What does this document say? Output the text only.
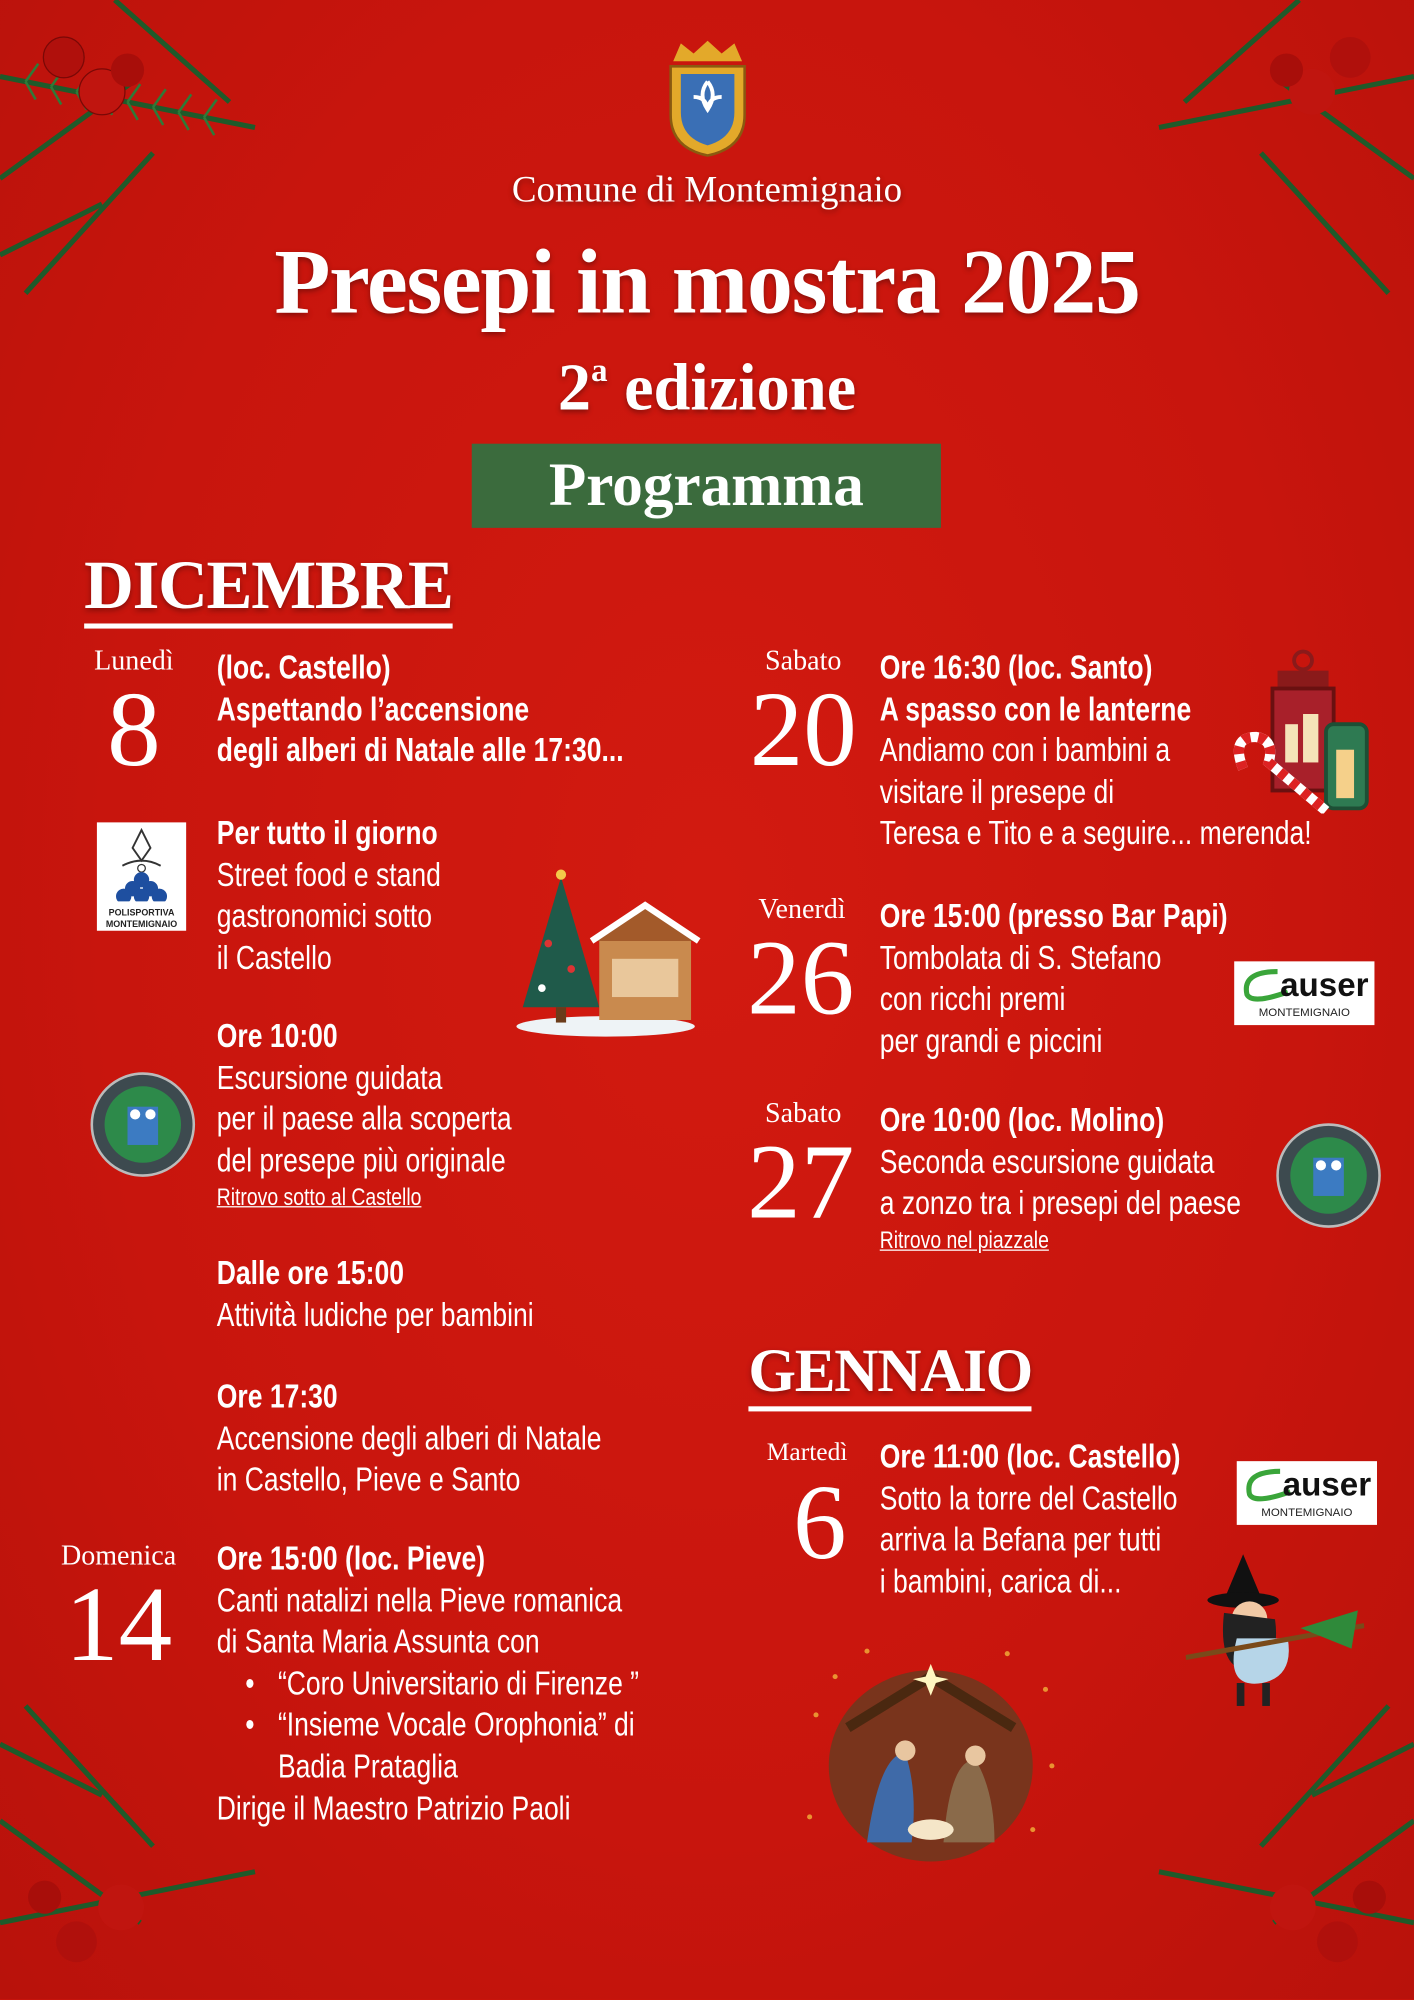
Comune di Montemignaio
Presepi in mostra 2025
2$^a$ edizione
Programma
DICEMBRE
Lunedì
8
(loc. Castello)
Aspettando l’accensione
degli alberi di Natale alle 17:30...
POLISPORTIVA
MONTEMIGNAIO
Per tutto il giorno
Street food e stand
gastronomici sotto
il Castello
Ore 10:00
Escursione guidata
per il paese alla scoperta
del presepe più originale
Ritrovo sotto al Castello
Dalle ore 15:00
Attività ludiche per bambini
Ore 17:30
Accensione degli alberi di Natale
in Castello, Pieve e Santo
Domenica
14
Ore 15:00 (loc. Pieve)
Canti natalizi nella Pieve romanica
di Santa Maria Assunta con
• “Coro Universitario di Firenze ”
• “Insieme Vocale Orophonia” di
Badia Prataglia
Dirige il Maestro Patrizio Paoli
Sabato
20
Ore 16:30 (loc. Santo)
A spasso con le lanterne
Andiamo con i bambini a
visitare il presepe di
Teresa e Tito e a seguire... merenda!
Venerdì
26
Ore 15:00 (presso Bar Papi)
Tombolata di S. Stefano
con ricchi premi
per grandi e piccini
auser
MONTEMIGNAIO
Sabato
27
Ore 10:00 (loc. Molino)
Seconda escursione guidata
a zonzo tra i presepi del paese
Ritrovo nel piazzale
GENNAIO
Martedì
6
Ore 11:00 (loc. Castello)
Sotto la torre del Castello
arriva la Befana per tutti
i bambini, carica di...
auser
MONTEMIGNAIO
